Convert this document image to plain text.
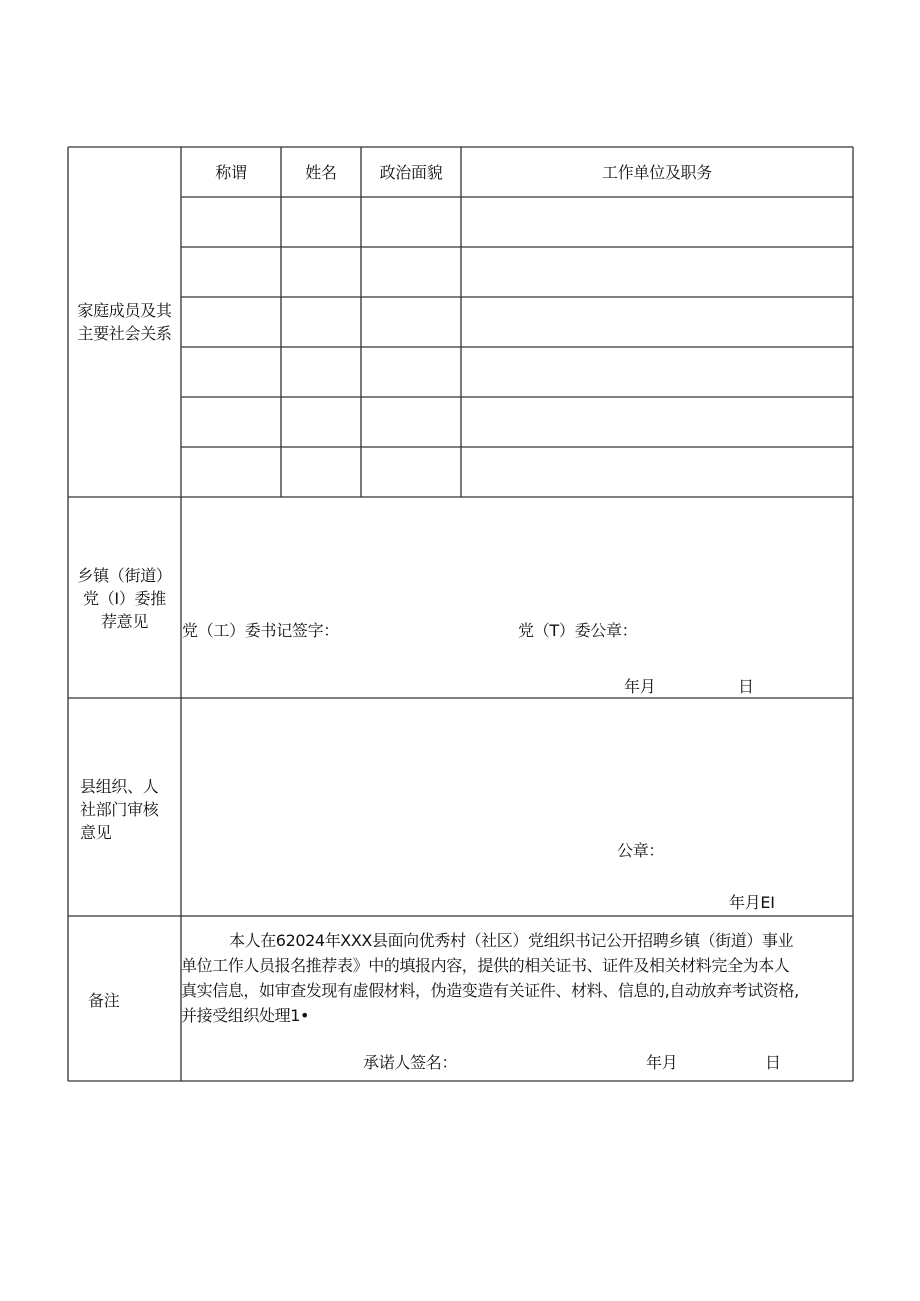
家庭成员及其
主要社会关系
称谓	姓名	政治面貌	工作单位及职务
乡镇（街道）
党（I）委推
荐意见	党（工）委书记签字：	党（T）委公章：
年月	日
县组织、人
社部门审核
意见
公章：
年月EI
备注
本人在62024年XXX县面向优秀村（社区）党组织书记公开招聘乡镇（街道）事业
单位工作人员报名推荐表》中的填报内容，提供的相关证书、证件及相关材料完全为本人
真实信息，如审查发现有虚假材料，伪造变造有关证件、材料、信息的,自动放弃考试资格,
并接受组织处理1•
承诺人签名：	年月	日
